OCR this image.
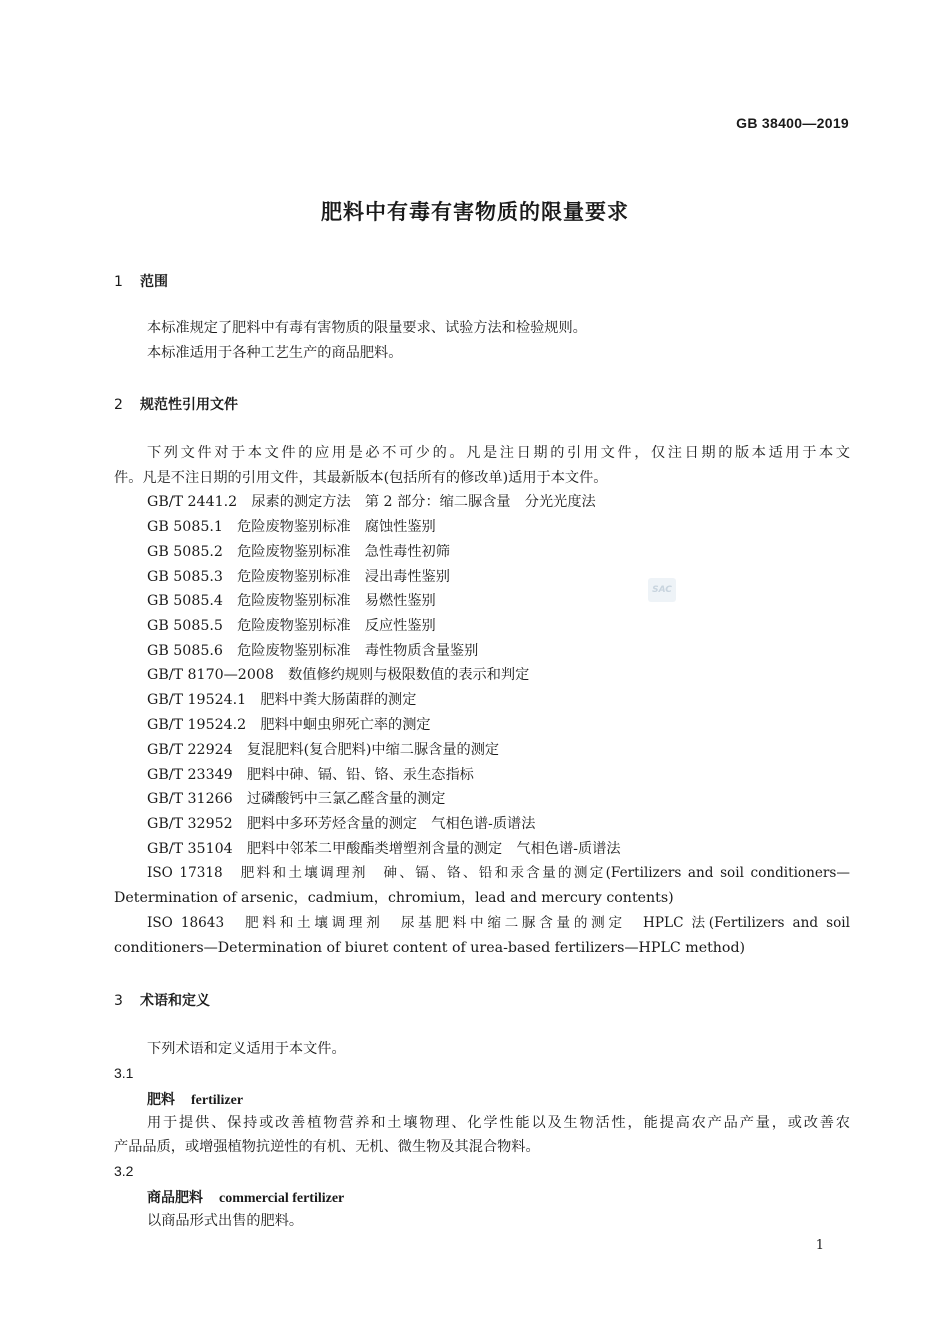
GB 38400—2019
肥料中有毒有害物质的限量要求
1 范围
本标准规定了肥料中有毒有害物质的限量要求、试验方法和检验规则。
本标准适用于各种工艺生产的商品肥料。
2 规范性引用文件
下列文件对于本文件的应用是必不可少的。凡是注日期的引用文件，仅注日期的版本适用于本文
件。凡是不注日期的引用文件，其最新版本(包括所有的修改单)适用于本文件。
GB/T 2441.2　尿素的测定方法　第 2 部分：缩二脲含量　分光光度法
GB 5085.1　危险废物鉴别标准　腐蚀性鉴别
GB 5085.2　危险废物鉴别标准　急性毒性初筛
GB 5085.3　危险废物鉴别标准　浸出毒性鉴别
GB 5085.4　危险废物鉴别标准　易燃性鉴别
GB 5085.5　危险废物鉴别标准　反应性鉴别
GB 5085.6　危险废物鉴别标准　毒性物质含量鉴别
GB/T 8170—2008　数值修约规则与极限数值的表示和判定
GB/T 19524.1　肥料中粪大肠菌群的测定
GB/T 19524.2　肥料中蛔虫卵死亡率的测定
GB/T 22924　复混肥料(复合肥料)中缩二脲含量的测定
GB/T 23349　肥料中砷、镉、铅、铬、汞生态指标
GB/T 31266　过磷酸钙中三氯乙醛含量的测定
GB/T 32952　肥料中多环芳烃含量的测定　气相色谱-质谱法
GB/T 35104　肥料中邻苯二甲酸酯类增塑剂含量的测定　气相色谱-质谱法
ISO 17318　肥料和土壤调理剂　砷、镉、铬、铅和汞含量的测定(Fertilizers and soil conditioners—
Determination of arsenic，cadmium，chromium，lead and mercury contents)
ISO 18643　肥料和土壤调理剂　尿基肥料中缩二脲含量的测定　HPLC 法(Fertilizers and soil
conditioners—Determination of biuret content of urea-based fertilizers—HPLC method)
3 术语和定义
下列术语和定义适用于本文件。
3.1
肥料 fertilizer
用于提供、保持或改善植物营养和土壤物理、化学性能以及生物活性，能提高农产品产量，或改善农
产品品质，或增强植物抗逆性的有机、无机、微生物及其混合物料。
3.2
商品肥料 commercial fertilizer
以商品形式出售的肥料。
SAC
1
